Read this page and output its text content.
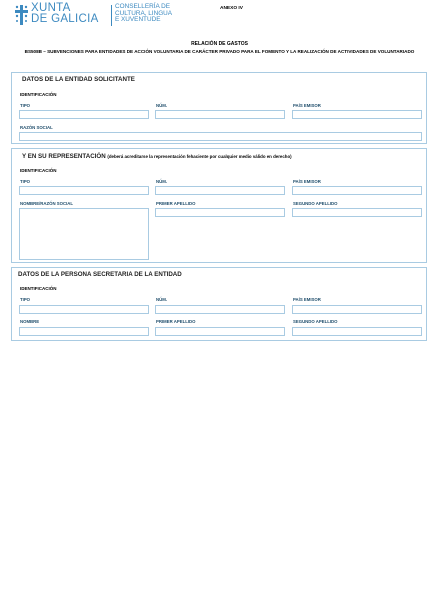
XUNTA
DE GALICIA
CONSELLERÍA DE
CULTURA, LINGUA
E XUVENTUDE
ANEXO IV
RELACIÓN DE GASTOS
BS508B – SUBVENCIONES PARA ENTIDADES DE ACCIÓN VOLUNTARIA DE CARÁCTER PRIVADO PARA EL FOMENTO Y LA REALIZACIÓN DE ACTIVIDADES DE VOLUNTARIADO
DATOS DE LA ENTIDAD SOLICITANTE
IDENTIFICACIÓN
TIPO	NÚM.	PAÍS EMISOR
RAZÓN SOCIAL
Y EN SU REPRESENTACIÓN (deberá acreditarse la representación fehaciente por cualquier medio válido en derecho)
IDENTIFICACIÓN
TIPO	NÚM.	PAÍS EMISOR
NOMBRE/RAZÓN SOCIAL	PRIMER APELLIDO	SEGUNDO APELLIDO
DATOS DE LA PERSONA SECRETARIA DE LA ENTIDAD
IDENTIFICACIÓN
TIPO	NÚM.	PAÍS EMISOR
NOMBRE	PRIMER APELLIDO	SEGUNDO APELLIDO
